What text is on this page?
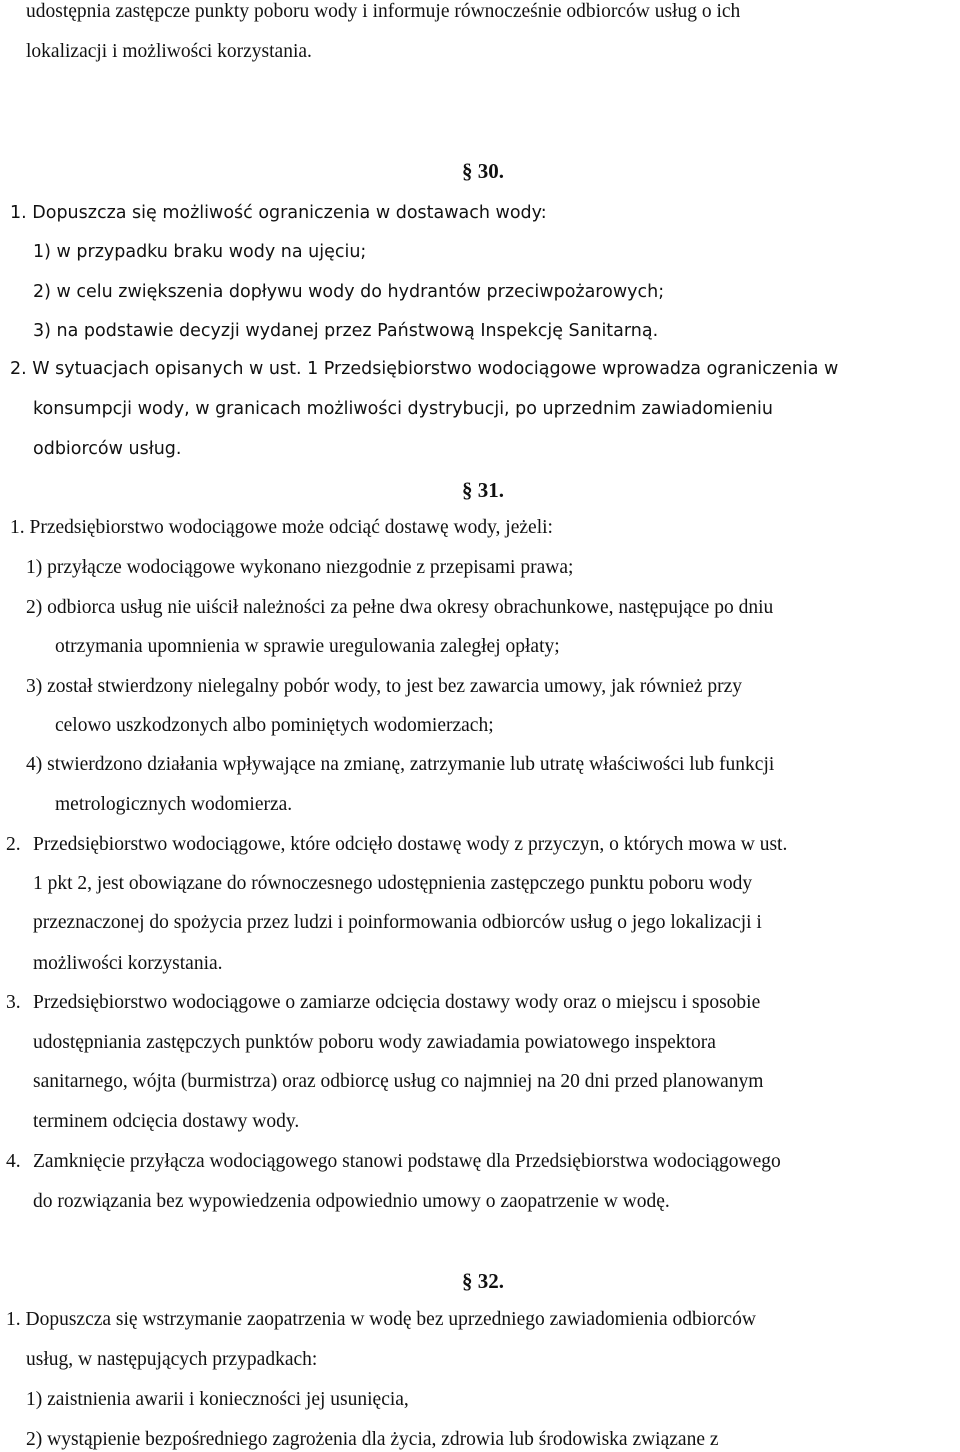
udostępnia zastępcze punkty poboru wody i informuje równocześnie odbiorców usług o ich
lokalizacji i możliwości korzystania.
§ 30.
1. Dopuszcza się możliwość ograniczenia w dostawach wody:
1) w przypadku braku wody na ujęciu;
2) w celu zwiększenia dopływu wody do hydrantów przeciwpożarowych;
3) na podstawie decyzji wydanej przez Państwową Inspekcję Sanitarną.
2. W sytuacjach opisanych w ust. 1 Przedsiębiorstwo wodociągowe wprowadza ograniczenia w
konsumpcji wody, w granicach możliwości dystrybucji, po uprzednim zawiadomieniu
odbiorców usług.
§ 31.
1. Przedsiębiorstwo wodociągowe może odciąć dostawę wody, jeżeli:
1) przyłącze wodociągowe wykonano niezgodnie z przepisami prawa;
2) odbiorca usług nie uiścił należności za pełne dwa okresy obrachunkowe, następujące po dniu
otrzymania upomnienia w sprawie uregulowania zaległej opłaty;
3) został stwierdzony nielegalny pobór wody, to jest bez zawarcia umowy, jak również przy
celowo uszkodzonych albo pominiętych wodomierzach;
4) stwierdzono działania wpływające na zmianę, zatrzymanie lub utratę właściwości lub funkcji
metrologicznych wodomierza.
2. Przedsiębiorstwo wodociągowe, które odcięło dostawę wody z przyczyn, o których mowa w ust.
1 pkt 2, jest obowiązane do równoczesnego udostępnienia zastępczego punktu poboru wody
przeznaczonej do spożycia przez ludzi i poinformowania odbiorców usług o jego lokalizacji i
możliwości korzystania.
3. Przedsiębiorstwo wodociągowe o zamiarze odcięcia dostawy wody oraz o miejscu i sposobie
udostępniania zastępczych punktów poboru wody zawiadamia powiatowego inspektora
sanitarnego, wójta (burmistrza) oraz odbiorcę usług co najmniej na 20 dni przed planowanym
terminem odcięcia dostawy wody.
4. Zamknięcie przyłącza wodociągowego stanowi podstawę dla Przedsiębiorstwa wodociągowego
do rozwiązania bez wypowiedzenia odpowiednio umowy o zaopatrzenie w wodę.
§ 32.
1. Dopuszcza się wstrzymanie zaopatrzenia w wodę bez uprzedniego zawiadomienia odbiorców
usług, w następujących przypadkach:
1) zaistnienia awarii i konieczności jej usunięcia,
2) wystąpienie bezpośredniego zagrożenia dla życia, zdrowia lub środowiska związane z
